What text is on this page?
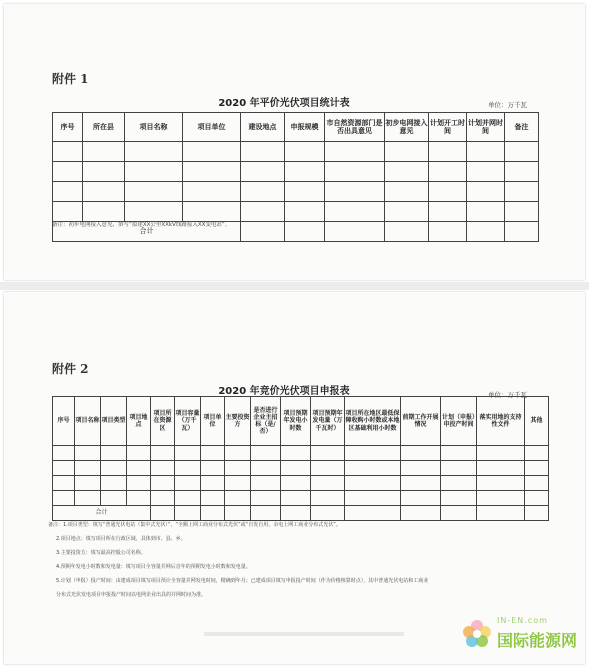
附件 1
2020 年平价光伏项目统计表	单位：万千瓦
序号	所在县	项目名称	项目单位	建设地点	申报规模	市自然资源部门是否出具意见	初步电网接入意见	计划开工时间	计划并网时间	备注

合计										
备注：初步电网接入意见，填写“拟建XX公里XXkV线路接入XX变电站”。
附件 2
2020 年竞价光伏项目申报表	单位：万千瓦
序号	项目名称	项目类型	项目地点	项目所在资源区	项目容量（万千瓦）	项目单位	主要投资方	是否进行企业主招标（是/否）	项目预期年发电小时数	项目预期年发电量（万千瓦时）	项目所在地区最低保障收购小时数或本地区基础利用小时数	前期工作开展情况	计划（申报）申投产时间	落实用地的支持性文件	其他

合计															
备注：1.项目类型：填写“普通光伏电站（集中式光伏）”、“全额上网工商业分布式光伏”或“自发自用、余电上网工商业分布式光伏”。
2.项目地点：填写项目所在行政区域，具体到市、县、乡。
3.主要投资方：填写最高控股公司名称。
4.预期年发电小时数和发电量：填写项目全容量并网后首年的预期发电小时数和发电量。
5.计划（申报）投产时间：由建成项目填写项目预计全容量并网发电时间，精确到年月；已建成项目填写申报投产时间（作为价格核算时点），其中普通光伏电站和工商业
分布式光伏发电项目申报投产时间以电网企业出具的并网时间为准。
IN-EN.com
国际能源网
